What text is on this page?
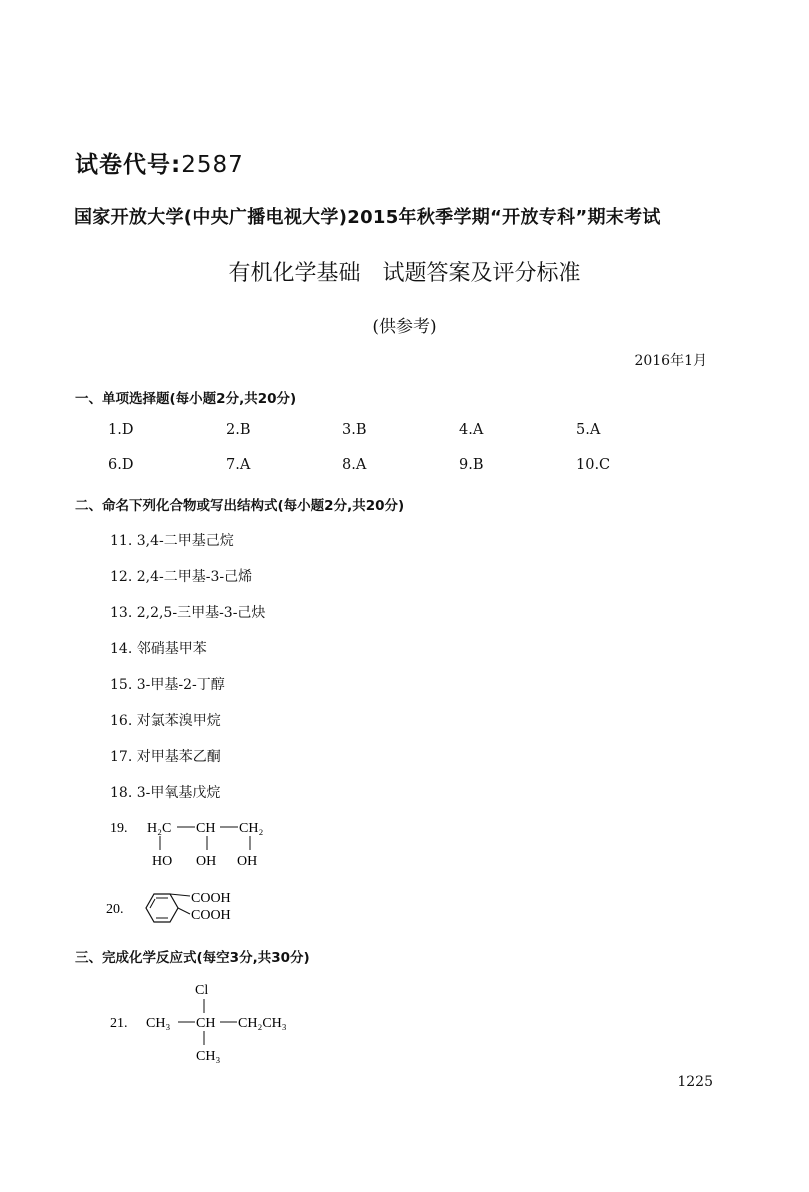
试卷代号:2587
国家开放大学(中央广播电视大学)2015年秋季学期“开放专科”期末考试
有机化学基础　试题答案及评分标准
(供参考)
2016年1月
一、单项选择题(每小题2分,共20分)
1.D	2.B	3.B	4.A	5.A
6.D	7.A	8.A	9.B	10.C
二、命名下列化合物或写出结构式(每小题2分,共20分)
11. 3,4-二甲基己烷
12. 2,4-二甲基-3-己烯
13. 2,2,5-三甲基-3-己炔
14. 邻硝基甲苯
15. 3-甲基-2-丁醇
16. 对氯苯溴甲烷
17. 对甲基苯乙酮
18. 3-甲氧基戊烷
19. H₂C CH CH₂
HO OH OH
20.
COOH
COOH
三、完成化学反应式(每空3分,共30分)
Cl
21. CH₃ CH CH₂CH₃
CH₃
1225
